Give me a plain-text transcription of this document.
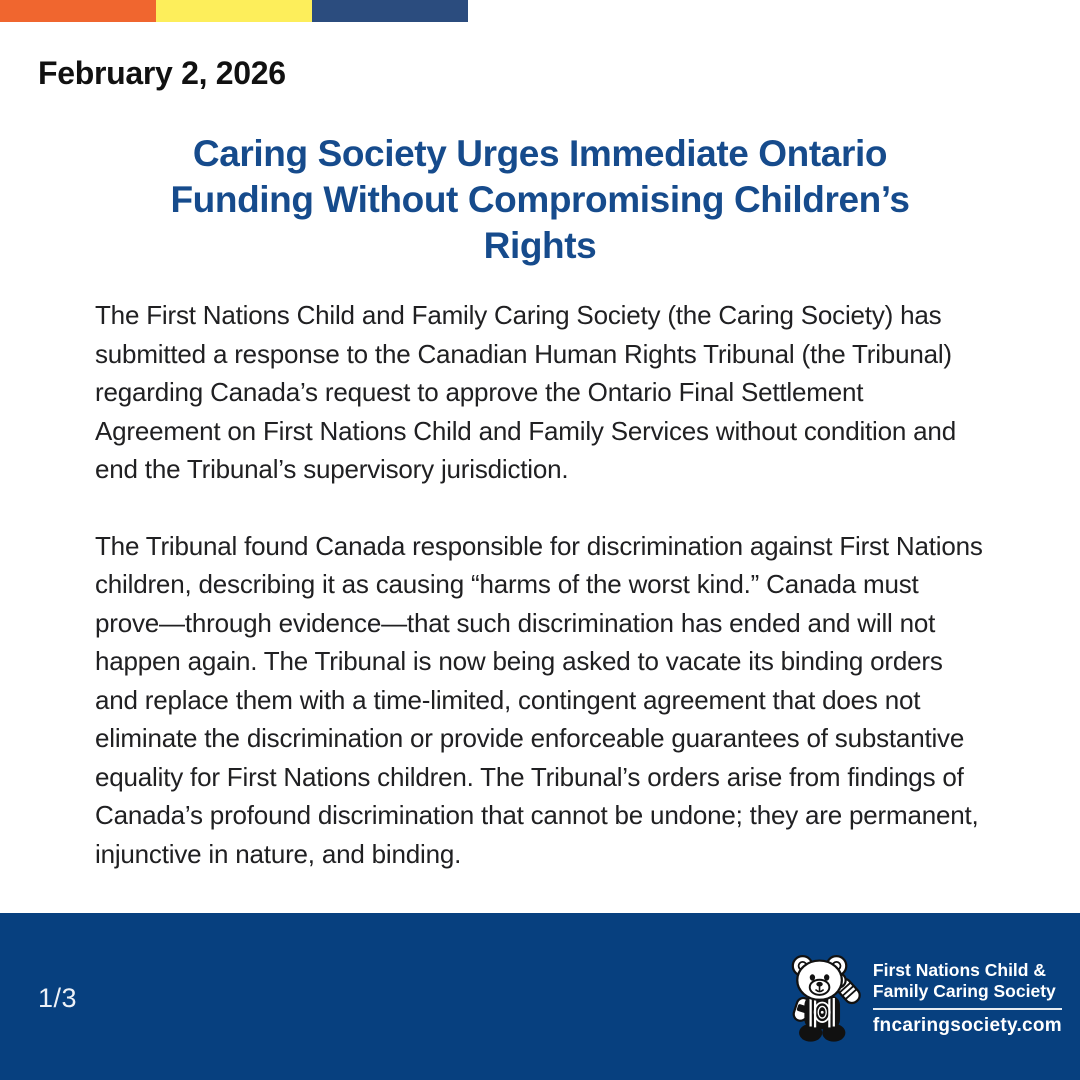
February 2, 2026
Caring Society Urges Immediate Ontario
Funding Without Compromising Children’s
Rights

The First Nations Child and Family Caring Society (the Caring Society) has submitted a response to the Canadian Human Rights Tribunal (the Tribunal) regarding Canada’s request to approve the Ontario Final Settlement Agreement on First Nations Child and Family Services without condition and end the Tribunal’s supervisory jurisdiction.

The Tribunal found Canada responsible for discrimination against First Nations children, describing it as causing “harms of the worst kind.” Canada must prove—through evidence—that such discrimination has ended and will not happen again. The Tribunal is now being asked to vacate its binding orders and replace them with a time-limited, contingent agreement that does not eliminate the discrimination or provide enforceable guarantees of substantive equality for First Nations children. The Tribunal’s orders arise from findings of Canada’s profound discrimination that cannot be undone; they are permanent, injunctive in nature, and binding.

1/3
First Nations Child &
Family Caring Society
fncaringsociety.com
